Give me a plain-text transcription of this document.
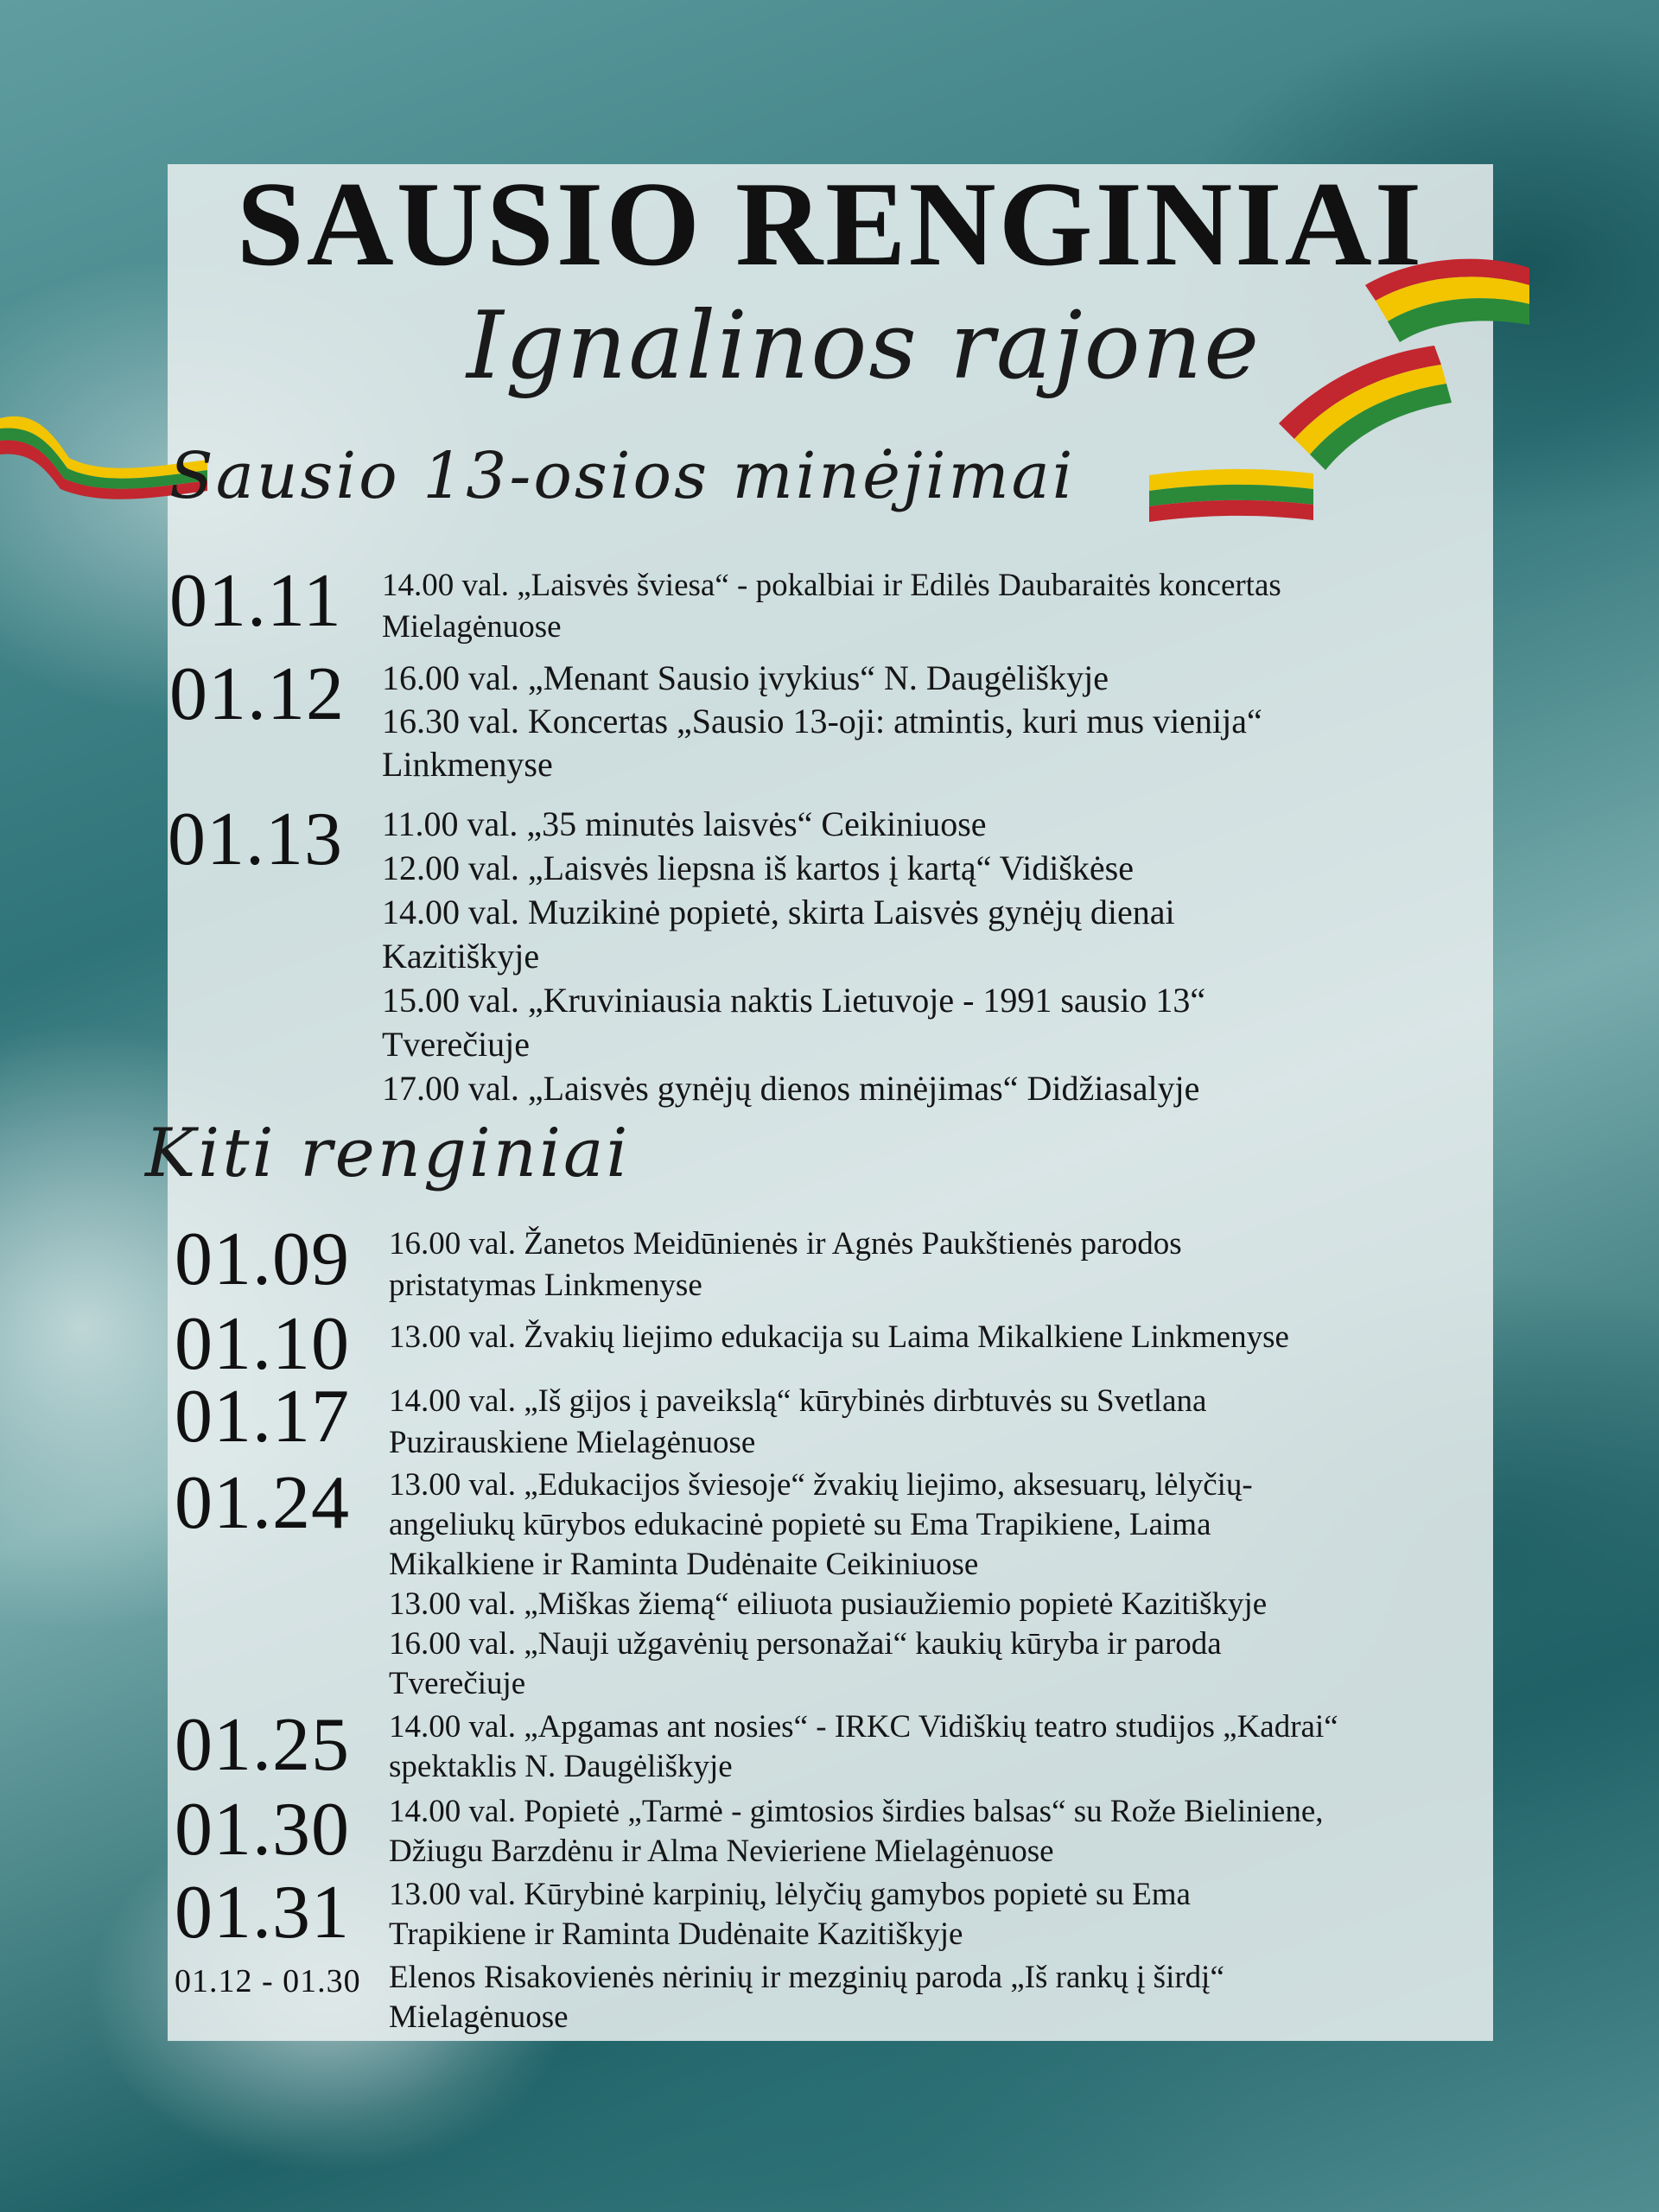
SAUSIO RENGINIAI
Ignalinos rajone
Sausio 13-osios minėjimai
01.11	14.00 val. „Laisvės šviesa“ - pokalbiai ir Edilės Daubaraitės koncertas
Mielagėnuose
01.12	16.00 val. „Menant Sausio įvykius“ N. Daugėliškyje
16.30 val. Koncertas „Sausio 13-oji: atmintis, kuri mus vienija“
Linkmenyse
01.13	11.00 val. „35 minutės laisvės“ Ceikiniuose
12.00 val. „Laisvės liepsna iš kartos į kartą“ Vidiškėse
14.00 val. Muzikinė popietė, skirta Laisvės gynėjų dienai
Kazitiškyje
15.00 val. „Kruviniausia naktis Lietuvoje - 1991 sausio 13“
Tverečiuje
17.00 val. „Laisvės gynėjų dienos minėjimas“ Didžiasalyje
Kiti renginiai
01.09	16.00 val. Žanetos Meidūnienės ir Agnės Paukštienės parodos
pristatymas Linkmenyse
01.10	13.00 val. Žvakių liejimo edukacija su Laima Mikalkiene Linkmenyse
01.17	14.00 val. „Iš gijos į paveikslą“ kūrybinės dirbtuvės su Svetlana
Puzirauskiene Mielagėnuose
01.24	13.00 val. „Edukacijos šviesoje“ žvakių liejimo, aksesuarų, lėlyčių-
angeliukų kūrybos edukacinė popietė su Ema Trapikiene, Laima
Mikalkiene ir Raminta Dudėnaite Ceikiniuose
13.00 val. „Miškas žiemą“ eiliuota pusiaužiemio popietė Kazitiškyje
16.00 val. „Nauji užgavėnių personažai“ kaukių kūryba ir paroda
Tverečiuje
01.25	14.00 val. „Apgamas ant nosies“ - IRKC Vidiškių teatro studijos „Kadrai“
spektaklis N. Daugėliškyje
01.30	14.00 val. Popietė „Tarmė - gimtosios širdies balsas“ su Rože Bieliniene,
Džiugu Barzdėnu ir Alma Nevieriene Mielagėnuose
01.31	13.00 val. Kūrybinė karpinių, lėlyčių gamybos popietė su Ema
Trapikiene ir Raminta Dudėnaite Kazitiškyje
01.12 - 01.30 Elenos Risakovienės nėrinių ir mezginių paroda „Iš rankų į širdį“
Mielagėnuose
